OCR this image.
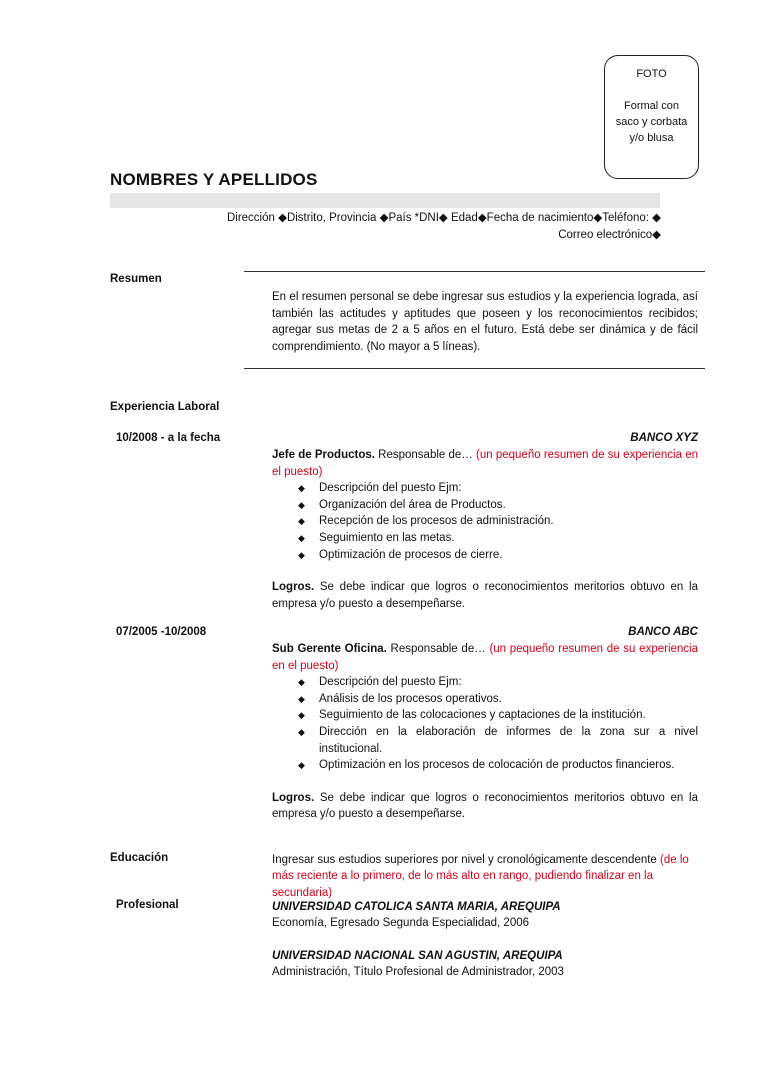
FOTO
Formal con saco y corbata y/o blusa
NOMBRES Y APELLIDOS
Dirección ◆Distrito, Provincia ◆País *DNI◆ Edad◆Fecha de nacimiento◆Teléfono: ◆
Correo electrónico◆
Resumen
En el resumen personal se debe ingresar sus estudios y la experiencia lograda, así también las actitudes y aptitudes que poseen y los reconocimientos recibidos; agregar sus metas de 2 a 5 años en el futuro. Está debe ser dinámica y de fácil comprendimiento. (No mayor a 5 líneas).
Experiencia Laboral
10/2008 - a la fecha	BANCO XYZ
Jefe de Productos. Responsable de… (un pequeño resumen de su experiencia en el puesto)
◆ Descripción del puesto Ejm:
◆ Organización del área de Productos.
◆ Recepción de los procesos de administración.
◆ Seguimiento en las metas.
◆ Optimización de procesos de cierre.
Logros. Se debe indicar que logros o reconocimientos meritorios obtuvo en la empresa y/o puesto a desempeñarse.
07/2005 -10/2008	BANCO ABC
Sub Gerente Oficina. Responsable de… (un pequeño resumen de su experiencia en el puesto)
◆ Descripción del puesto Ejm:
◆ Análisis de los procesos operativos.
◆ Seguimiento de las colocaciones y captaciones de la institución.
◆ Dirección en la elaboración de informes de la zona sur a nivel institucional.
◆ Optimización en los procesos de colocación de productos financieros.
Logros. Se debe indicar que logros o reconocimientos meritorios obtuvo en la empresa y/o puesto a desempeñarse.
Educación	Ingresar sus estudios superiores por nivel y cronológicamente descendente (de lo más reciente a lo primero, de lo más alto en rango, pudiendo finalizar en la secundaria)
Profesional	UNIVERSIDAD CATOLICA SANTA MARIA, AREQUIPA
Economía, Egresado Segunda Especialidad, 2006
UNIVERSIDAD NACIONAL SAN AGUSTIN, AREQUIPA
Administración, Título Profesional de Administrador, 2003
